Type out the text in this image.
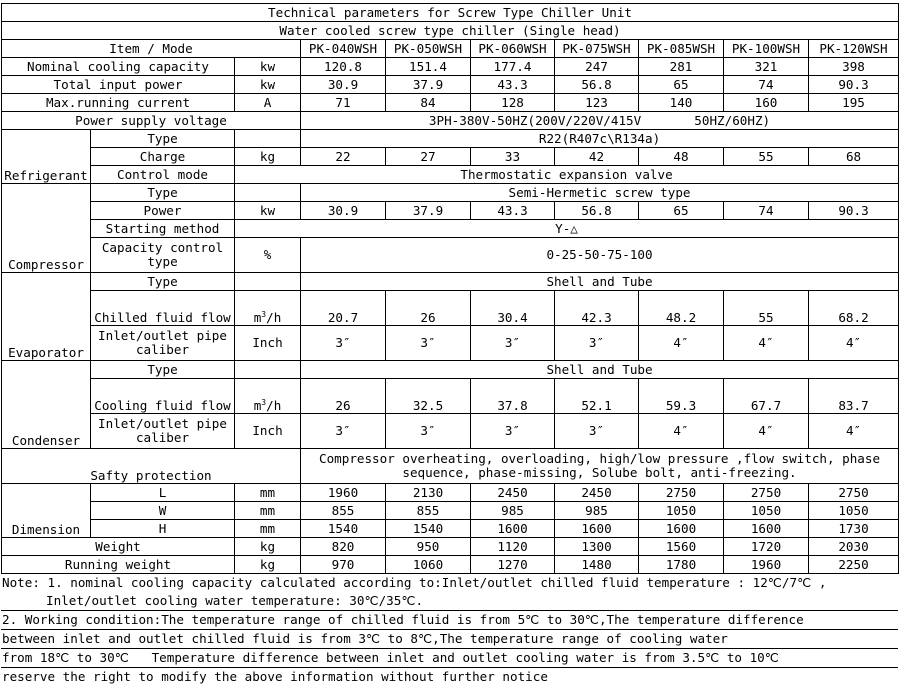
Technical parameters for Screw Type Chiller Unit									
Water cooled screw type chiller (Single head)									
Item / Mode			PK-040WSH	PK-050WSH	PK-060WSH	PK-075WSH	PK-085WSH	PK-100WSH	PK-120WSH
Nominal cooling capacity		kw	120.8	151.4	177.4	247	281	321	398
Total input power		kw	30.9	37.9	43.3	56.8	65	74	90.3
Max.running current		A	71	84	128	123	140	160	195
Power supply voltage			3PH-380V-50HZ(200V/220V/415V       50HZ/60HZ)						
Refrigerant	Type		R22(R407c\R134a)						
	Charge	kg	22	27	33	42	48	55	68
	Control mode	Thermostatic expansion valve							
Compressor	Type		Semi-Hermetic screw type						
	Power	kw	30.9	37.9	43.3	56.8	65	74	90.3
	Starting method	Y-△							
	Capacity control type	%	0-25-50-75-100						
Evaporator	Type		Shell and Tube						
	Chilled fluid flow	$m^3/h$	20.7	26	30.4	42.3	48.2	55	68.2
	Inlet/outlet pipe caliber	Inch	3″	3″	3″	3″	4″	4″	4″
Condenser	Type		Shell and Tube						
	Cooling fluid flow	$m^3/h$	26	32.5	37.8	52.1	59.3	67.7	83.7
	Inlet/outlet pipe caliber	Inch	3″	3″	3″	3″	4″	4″	4″
Safty protection			Compressor overheating, overloading, high/low pressure ,flow switch, phase sequence, phase-missing, Solube bolt, anti-freezing.						
Dimension	L	mm	1960	2130	2450	2450	2750	2750	2750
	W	mm	855	855	985	985	1050	1050	1050
	H	mm	1540	1540	1600	1600	1600	1600	1730
Weight		kg	820	950	1120	1300	1560	1720	2030
Running weight		kg	970	1060	1270	1480	1780	1960	2250
Note: 1. nominal cooling capacity calculated according to:Inlet/outlet chilled fluid temperature : 12℃/7℃ ,
Inlet/outlet cooling water temperature: 30℃/35℃.
2. Working condition:The temperature range of chilled fluid is from 5℃ to 30℃,The temperature difference
between inlet and outlet chilled fluid is from 3℃ to 8℃,The temperature range of cooling water
from 18℃ to 30℃   Temperature difference between inlet and outlet cooling water is from 3.5℃ to 10℃
reserve the right to modify the above information without further notice
